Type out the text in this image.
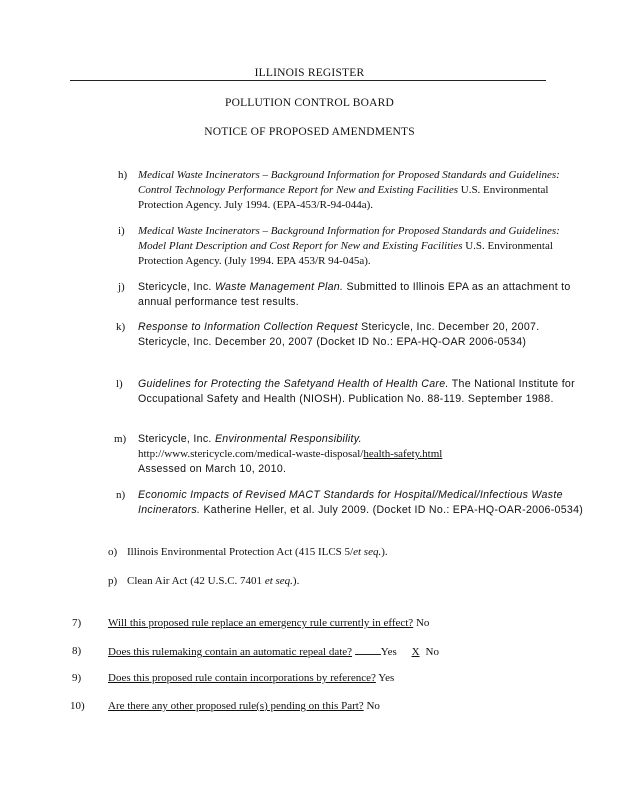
ILLINOIS REGISTER
POLLUTION CONTROL BOARD
NOTICE OF PROPOSED AMENDMENTS
h) Medical Waste Incinerators – Background Information for Proposed Standards and Guidelines: Control Technology Performance Report for New and Existing Facilities U.S. Environmental Protection Agency. July 1994. (EPA-453/R-94-044a).
i) Medical Waste Incinerators – Background Information for Proposed Standards and Guidelines: Model Plant Description and Cost Report for New and Existing Facilities U.S. Environmental Protection Agency. (July 1994. EPA 453/R 94-045a).
j) Stericycle, Inc. Waste Management Plan. Submitted to Illinois EPA as an attachment to annual performance test results.
k) Response to Information Collection Request Stericycle, Inc. December 20, 2007. Stericycle, Inc. December 20, 2007 (Docket ID No.: EPA-HQ-OAR 2006-0534)
l) Guidelines for Protecting the Safetyand Health of Health Care. The National Institute for Occupational Safety and Health (NIOSH). Publication No. 88-119. September 1988.
m) Stericycle, Inc. Environmental Responsibility.
http://www.stericycle.com/medical-waste-disposal/health-safety.html
Assessed on March 10, 2010.
n) Economic Impacts of Revised MACT Standards for Hospital/Medical/Infectious Waste Incinerators. Katherine Heller, et al. July 2009. (Docket ID No.: EPA-HQ-OAR-2006-0534)
o) Illinois Environmental Protection Act (415 ILCS 5/et seq.).
p) Clean Air Act (42 U.S.C. 7401 et seq.).
7) Will this proposed rule replace an emergency rule currently in effect? No
8) Does this rulemaking contain an automatic repeal date?	Yes X No
9) Does this proposed rule contain incorporations by reference? Yes
10) Are there any other proposed rule(s) pending on this Part? No
